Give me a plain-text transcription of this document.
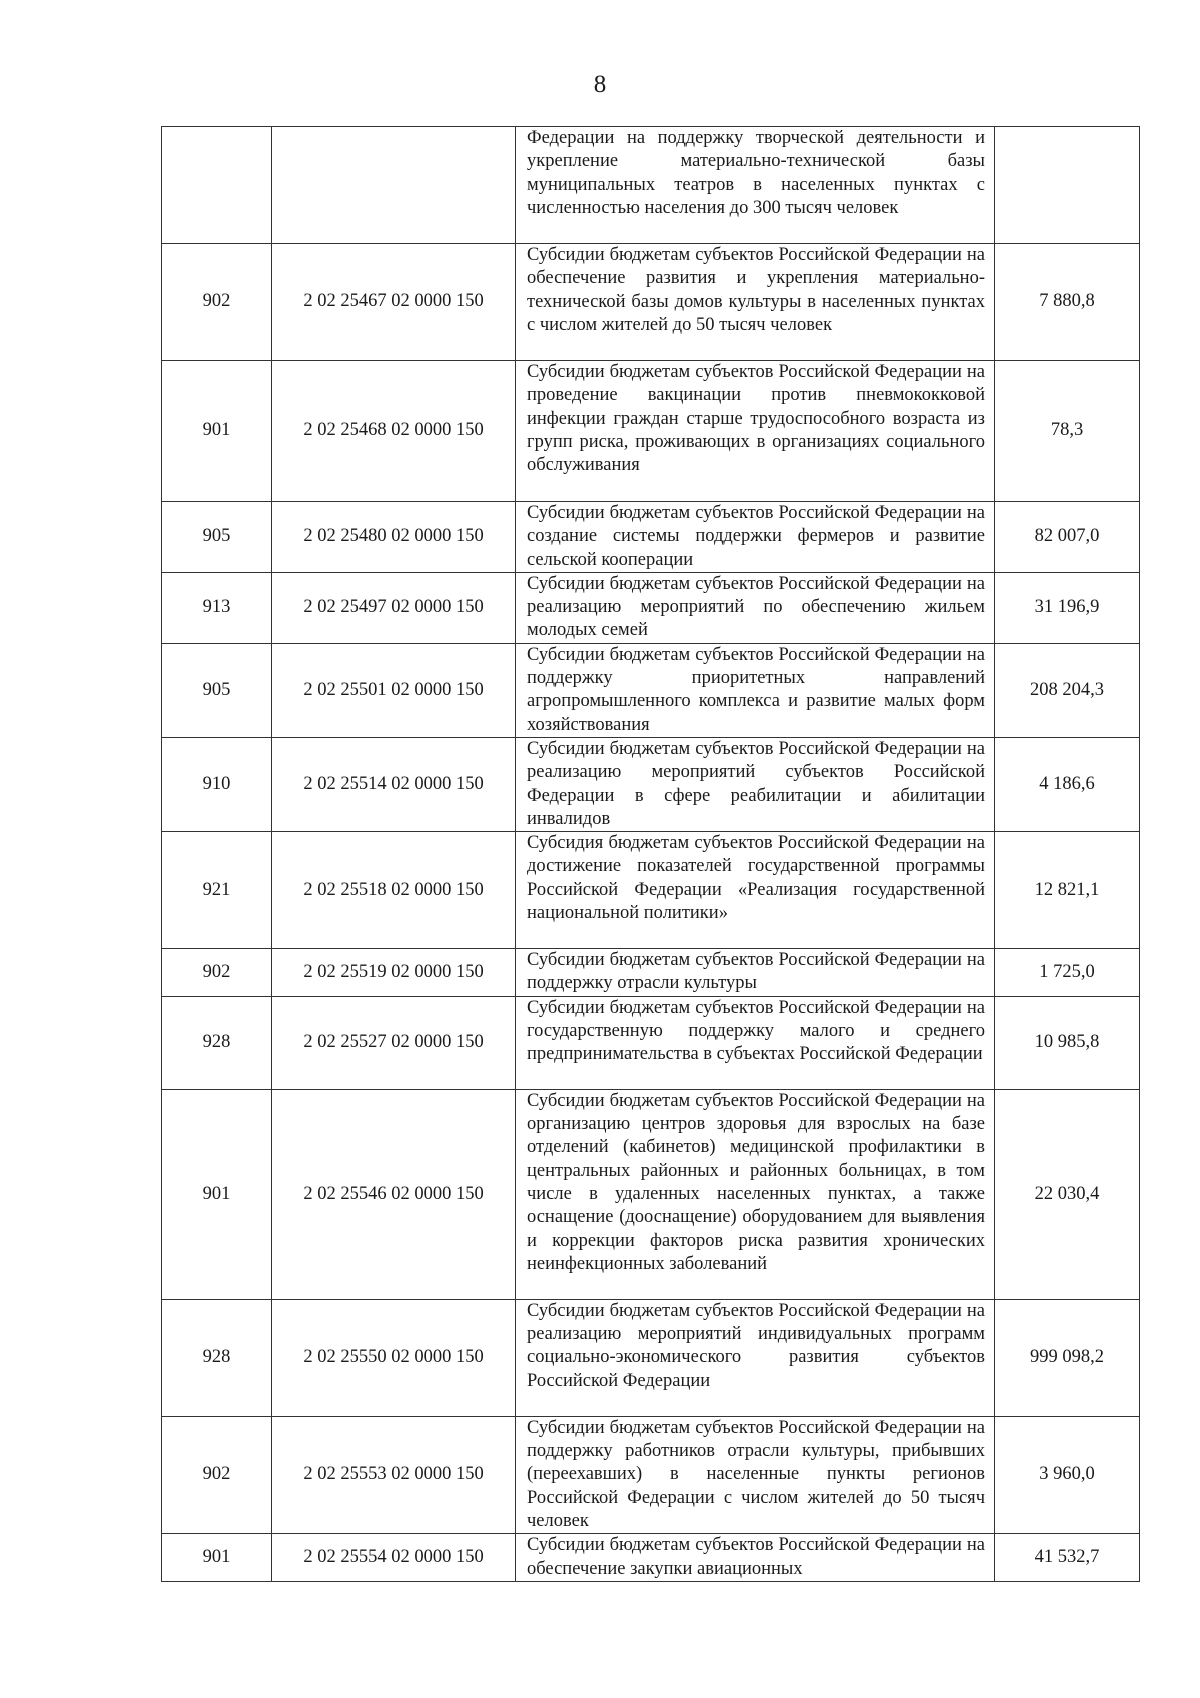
8

		Федерации на поддержку творческой деятельности и укрепление материально-технической базы муниципальных театров в населенных пунктах с численностью населения до 300 тысяч человек	

902	2 02 25467 02 0000 150	Субсидии бюджетам субъектов Российской Федерации на обеспечение развития и укрепления материально-технической базы домов культуры в населенных пунктах с числом жителей до 50 тысяч человек	7 880,8
901	2 02 25468 02 0000 150	Субсидии бюджетам субъектов Российской Федерации на проведение вакцинации против пневмококковой инфекции граждан старше трудоспособного возраста из групп риска, проживающих в организациях социального обслуживания	78,3
905	2 02 25480 02 0000 150	Субсидии бюджетам субъектов Российской Федерации на создание системы поддержки фермеров и развитие сельской кооперации	82 007,0
913	2 02 25497 02 0000 150	Субсидии бюджетам субъектов Российской Федерации на реализацию мероприятий по обеспечению жильем молодых семей	31 196,9
905	2 02 25501 02 0000 150	Субсидии бюджетам субъектов Российской Федерации на поддержку приоритетных направлений агропромышленного комплекса и развитие малых форм хозяйствования	208 204,3
910	2 02 25514 02 0000 150	Субсидии бюджетам субъектов Российской Федерации на реализацию мероприятий субъектов Российской Федерации в сфере реабилитации и абилитации инвалидов	4 186,6
921	2 02 25518 02 0000 150	Субсидия бюджетам субъектов Российской Федерации на достижение показателей государственной программы Российской Федерации «Реализация государственной национальной политики»	12 821,1
902	2 02 25519 02 0000 150	Субсидии бюджетам субъектов Российской Федерации на поддержку отрасли культуры	1 725,0
928	2 02 25527 02 0000 150	Субсидии бюджетам субъектов Российской Федерации на государственную поддержку малого и среднего предпринимательства в субъектах Российской Федерации	10 985,8
901	2 02 25546 02 0000 150	Субсидии бюджетам субъектов Российской Федерации на организацию центров здоровья для взрослых на базе отделений (кабинетов) медицинской профилактики в центральных районных и районных больницах, в том числе в удаленных населенных пунктах, а также оснащение (дооснащение) оборудованием для выявления и коррекции факторов риска развития хронических неинфекционных заболеваний	22 030,4
928	2 02 25550 02 0000 150	Субсидии бюджетам субъектов Российской Федерации на реализацию мероприятий индивидуальных программ социально-экономического развития субъектов Российской Федерации	999 098,2
902	2 02 25553 02 0000 150	Субсидии бюджетам субъектов Российской Федерации на поддержку работников отрасли культуры, прибывших (переехавших) в населенные пункты регионов Российской Федерации с числом жителей до 50 тысяч человек	3 960,0
901	2 02 25554 02 0000 150	Субсидии бюджетам субъектов Российской Федерации на обеспечение закупки авиационных	41 532,7
